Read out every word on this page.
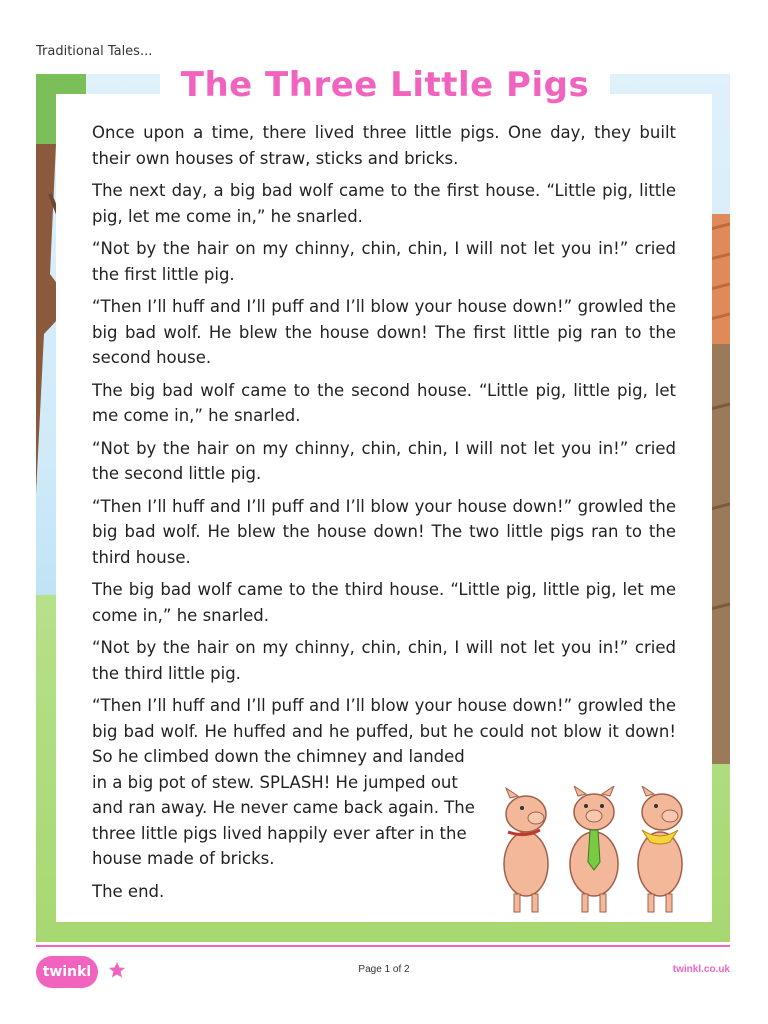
Traditional Tales...
The Three Little Pigs

Once upon a time, there lived three little pigs. One day, they built their own houses of straw, sticks and bricks.

The next day, a big bad wolf came to the first house. “Little pig, little pig, let me come in,” he snarled.

“Not by the hair on my chinny, chin, chin, I will not let you in!” cried the first little pig.

“Then I’ll huff and I’ll puff and I’ll blow your house down!” growled the big bad wolf. He blew the house down! The first little pig ran to the second house.

The big bad wolf came to the second house. “Little pig, little pig, let me come in,” he snarled.

“Not by the hair on my chinny, chin, chin, I will not let you in!” cried the second little pig.

“Then I’ll huff and I’ll puff and I’ll blow your house down!” growled the big bad wolf. He blew the house down! The two little pigs ran to the third house.

The big bad wolf came to the third house. “Little pig, little pig, let me come in,” he snarled.

“Not by the hair on my chinny, chin, chin, I will not let you in!” cried the third little pig.

“Then I’ll huff and I’ll puff and I’ll blow your house down!” growled the big bad wolf. He huffed and he puffed, but he could not blow it down! So he climbed down the chimney and landed

in a big pot of stew. SPLASH! He jumped out and ran away. He never came back again. The three little pigs lived happily ever after in the house made of bricks.

The end.

twinkl	Page 1 of 2	twinkl.co.uk
